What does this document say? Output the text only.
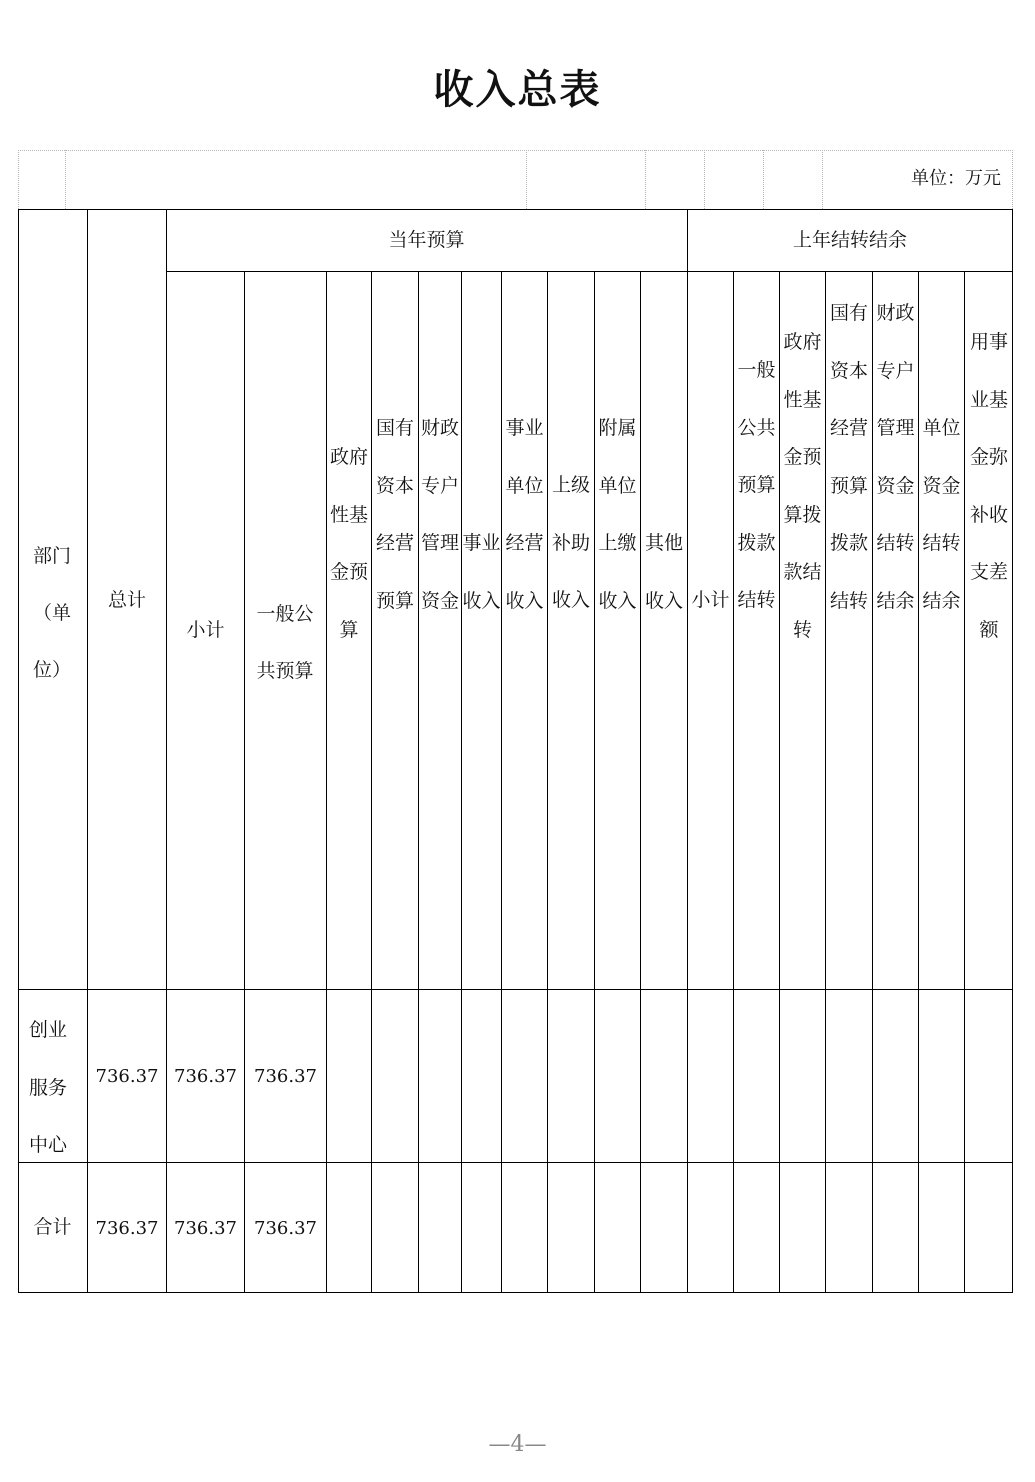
收入总表
单位：万元
部门（单位）
总计
当年预算	上年结转结余
小计
一般公共预算
政府性基金预算
国有资本经营预算
财政专户管理资金
事业收入
事业单位经营收入
上级补助收入
附属单位上缴收入
其他收入 小计
一般公共预算拨款结转
政府性基金预算拨款结转
国有资本经营预算拨款结转
财政专户管理资金结转结余
单位资金结转结余
用事业基金弥补收支差额
创业服务中心
736.37 736.37 736.37
合计	736.37 736.37 736.37
—4—
